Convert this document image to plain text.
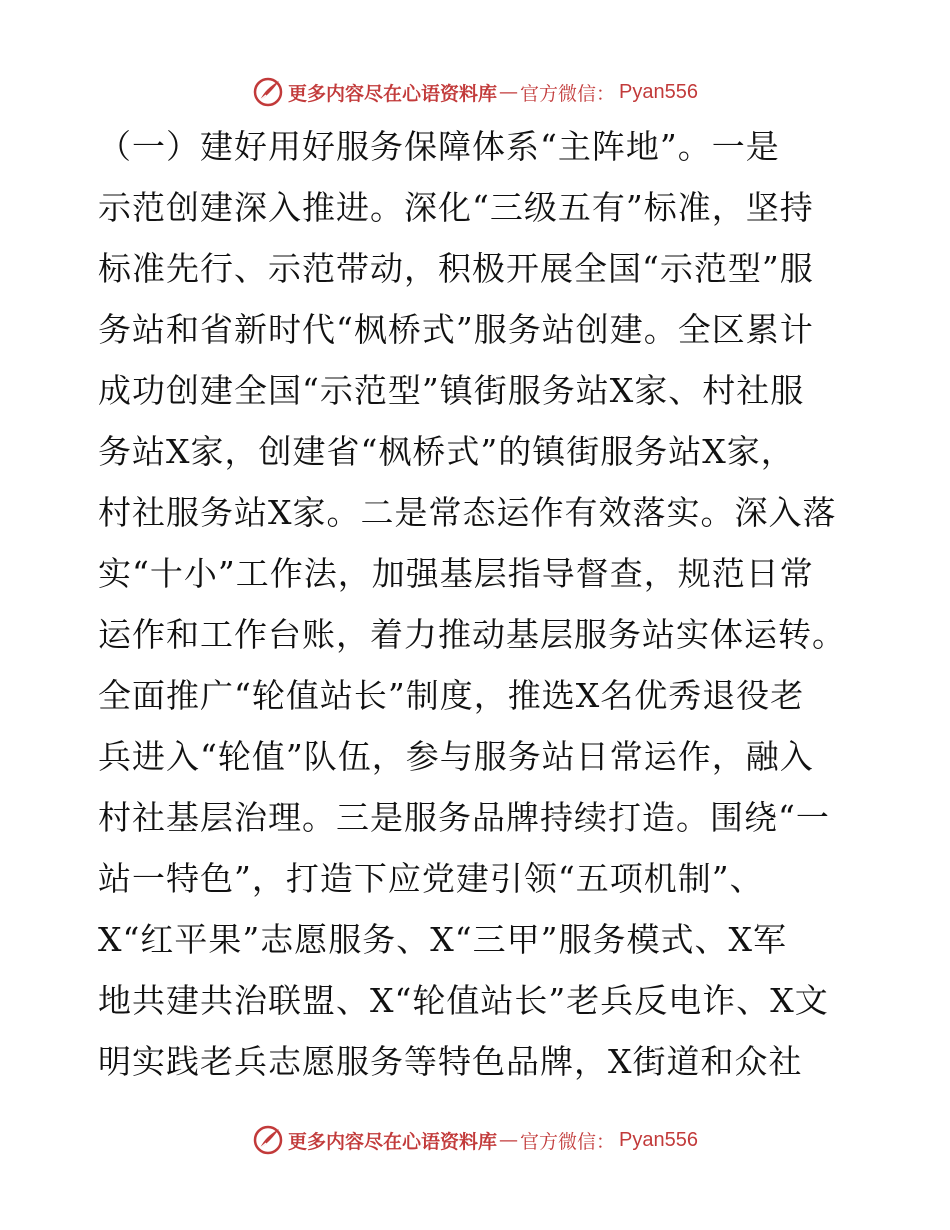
更多内容尽在心语资料库 — 官方微信： Pyan556
（一）建好用好服务保障体系“主阵地”。一是
示范创建深入推进。深化“三级五有”标准，坚持
标准先行、示范带动，积极开展全国“示范型”服
务站和省新时代“枫桥式”服务站创建。全区累计
成功创建全国“示范型”镇街服务站X家、村社服
务站X家，创建省“枫桥式”的镇街服务站X家，
村社服务站X家。二是常态运作有效落实。深入落
实“十小”工作法，加强基层指导督查，规范日常
运作和工作台账，着力推动基层服务站实体运转。
全面推广“轮值站长”制度，推选X名优秀退役老
兵进入“轮值”队伍，参与服务站日常运作，融入
村社基层治理。三是服务品牌持续打造。围绕“一
站一特色”，打造下应党建引领“五项机制”、
X“红平果”志愿服务、X“三甲”服务模式、X军
地共建共治联盟、X“轮值站长”老兵反电诈、X文
明实践老兵志愿服务等特色品牌，X街道和众社
更多内容尽在心语资料库 — 官方微信： Pyan556
